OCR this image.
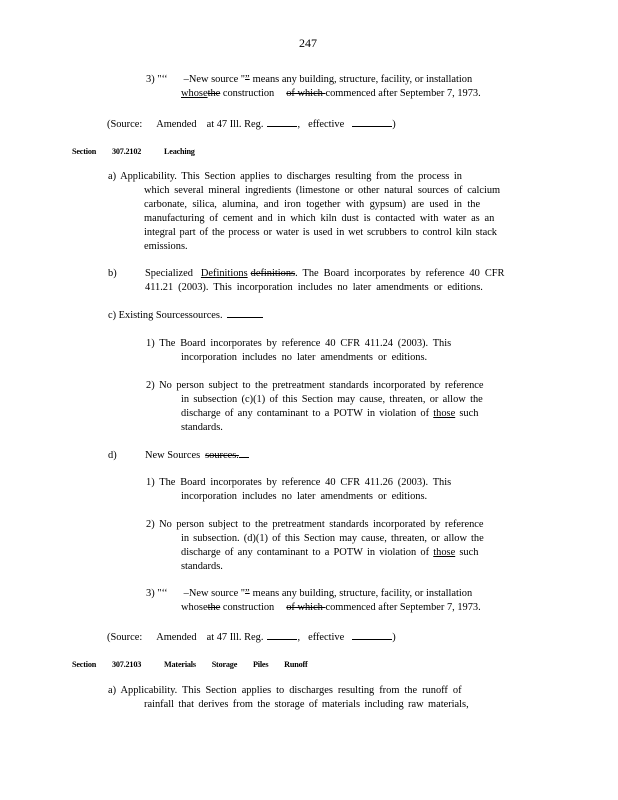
247
3) "‘‘ –New source "” means any building, structure, facility, or installation
whosethe construction of which commenced after September 7, 1973.
(Source: Amended at 47 Ill. Reg.	, effective	)
Section 307.2102	Leaching
a) Applicability. This Section applies to discharges resulting from the process in
which several mineral ingredients (limestone or other natural sources of calcium
carbonate, silica, alumina, and iron together with gypsum) are used in the
manufacturing of cement and in which kiln dust is contacted with water as an
integral part of the process or water is used in wet scrubbers to control kiln stack
emissions.
b)	Specialized Definitions definitions. The Board incorporates by reference 40 CFR
411.21 (2003). This incorporation includes no later amendments or editions.
c) Existing Sourcessources.
1) The Board incorporates by reference 40 CFR 411.24 (2003). This
incorporation includes no later amendments or editions.
2) No person subject to the pretreatment standards incorporated by reference
in subsection (c)(1) of this Section may cause, threaten, or allow the
discharge of any contaminant to a POTW in violation of those such
standards.
d)	New Sources sources.
1) The Board incorporates by reference 40 CFR 411.26 (2003). This
incorporation includes no later amendments or editions.
2) No person subject to the pretreatment standards incorporated by reference
in subsection. (d)(1) of this Section may cause, threaten, or allow the
discharge of any contaminant to a POTW in violation of those such
standards.
3) "‘‘ –New source "” means any building, structure, facility, or installation
whosethe construction of which commenced after September 7, 1973.
(Source: Amended at 47 Ill. Reg.	, effective	)
Section 307.2103	Materials Storage Piles Runoff
a) Applicability. This Section applies to discharges resulting from the runoff of
rainfall that derives from the storage of materials including raw materials,
